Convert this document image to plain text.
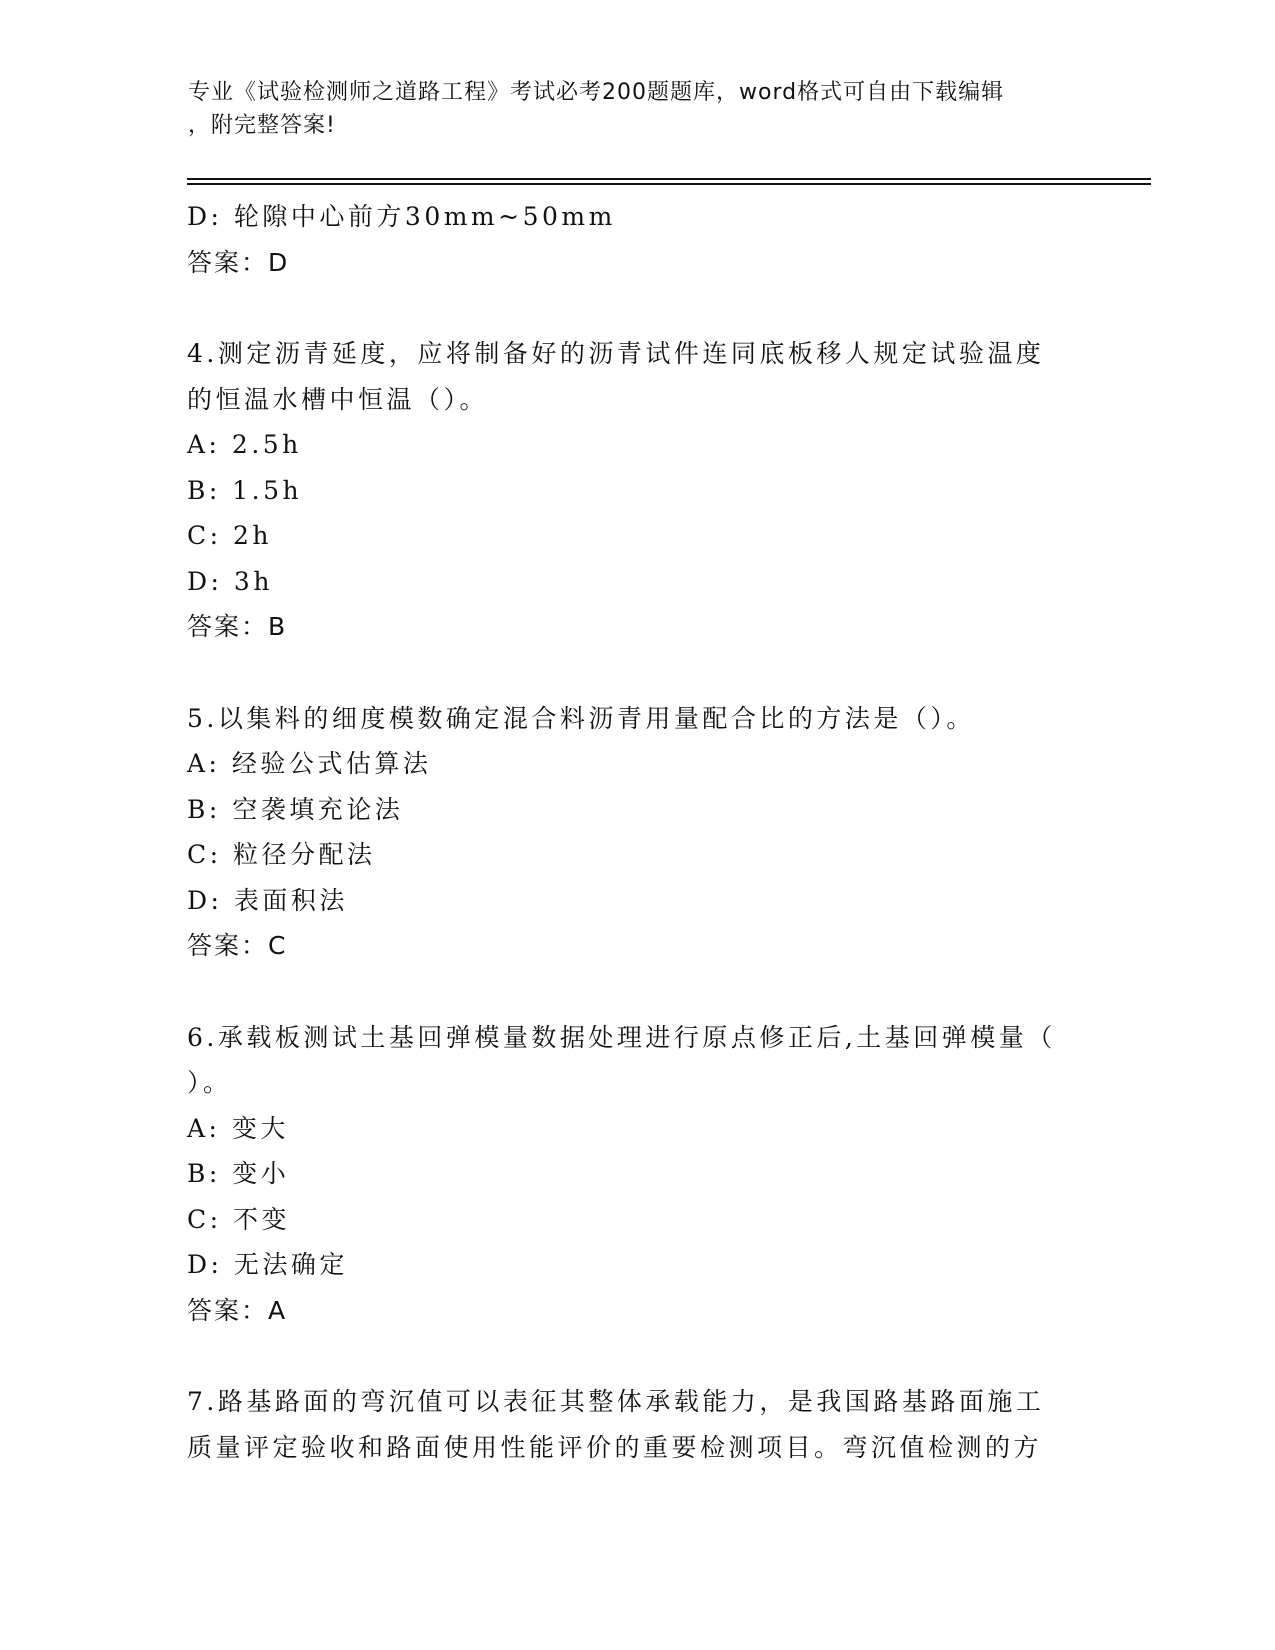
专业《试验检测师之道路工程》考试必考200题题库，word格式可自由下载编辑
，附完整答案!
D: 轮隙中心前方30mm~50mm
答案：D
4.测定沥青延度，应将制备好的沥青试件连同底板移人规定试验温度
的恒温水槽中恒温（）。
A: 2.5h
B: 1.5h
C: 2h
D: 3h
答案：B
5.以集料的细度模数确定混合料沥青用量配合比的方法是（）。
A: 经验公式估算法
B: 空袭填充论法
C: 粒径分配法
D: 表面积法
答案：C
6.承载板测试土基回弹模量数据处理进行原点修正后,土基回弹模量（
）。
A: 变大
B: 变小
C: 不变
D: 无法确定
答案：A
7.路基路面的弯沉值可以表征其整体承载能力，是我国路基路面施工
质量评定验收和路面使用性能评价的重要检测项目。弯沉值检测的方
